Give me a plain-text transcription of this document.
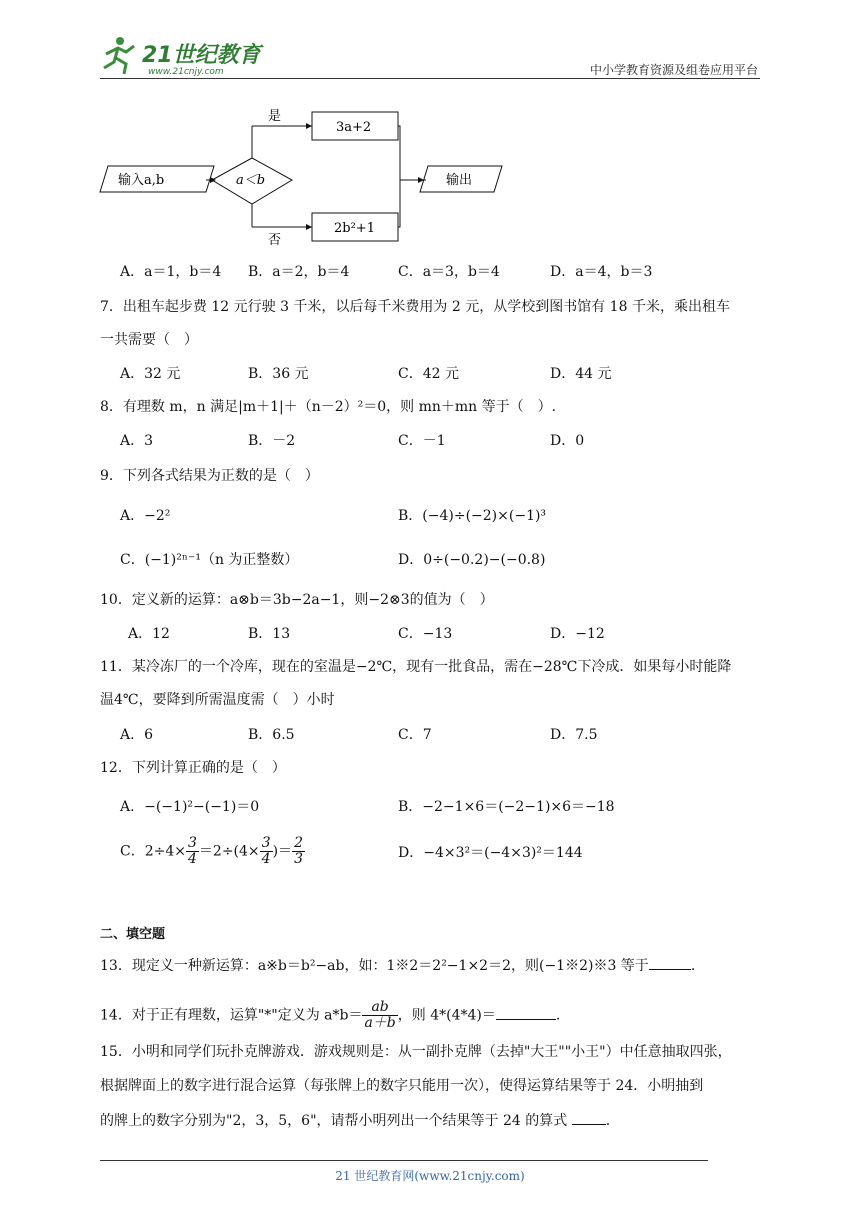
21世纪教育
www.21cnjy.com	中小学教育资源及组卷应用平台
是
否
输入a,b	a＜b
3a+2
2b²+1
输出
A．a＝1，b＝4 B．a＝2，b＝4	C．a＝3，b＝4	D．a＝4，b＝3
7．出租车起步费 12 元行驶 3 千米，以后每千米费用为 2 元，从学校到图书馆有 18 千米，乘出租车
一共需要（　）
A．32 元	B．36 元	C．42 元	D．44 元
8．有理数 m，n 满足|m＋1|＋（n－2）²＝0，则 mn＋mn 等于（　）.
A．3	B．－2	C．－1	D．0
9．下列各式结果为正数的是（　）
A．−2²	B．(−4)÷(−2)×(−1)³
C．(−1)²ⁿ⁻¹（n 为正整数）	D．0÷(−0.2)−(−0.8)
10．定义新的运算：a⊗b＝3b−2a−1，则−2⊗3的值为（　）
A．12	B．13	C．−13	D．−12
11．某冷冻厂的一个冷库，现在的室温是−2℃，现有一批食品，需在−28℃下冷成．如果每小时能降
温4℃，要降到所需温度需（　）小时
A．6	B．6.5	C．7	D．7.5
12．下列计算正确的是（　）
A．−(−1)²−(−1)＝0	B．−2−1×6＝(−2−1)×6＝−18
C．$2\div 4\times \frac{3}{4} =2\div(4\times \frac{3}{4}$ )＝ $\frac{2}{3}$	D．−4×3²＝(−4×3)²＝144
二、填空题
13．现定义一种新运算：a※b＝b²−ab，如：1※2＝2²−1×2＝2，则(−1※2)※3 等于	.
14．对于正有理数，运算"*"定义为 $a*b= \frac{ab}{a+b}$ ，则 4*(4*4)＝	.
15．小明和同学们玩扑克牌游戏．游戏规则是：从一副扑克牌（去掉"大王""小王"）中任意抽取四张，
根据牌面上的数字进行混合运算（每张牌上的数字只能用一次），使得运算结果等于 24．小明抽到
的牌上的数字分别为"2，3，5，6"，请帮小明列出一个结果等于 24 的算式	.
21 世纪教育网(www.21cnjy.com)
